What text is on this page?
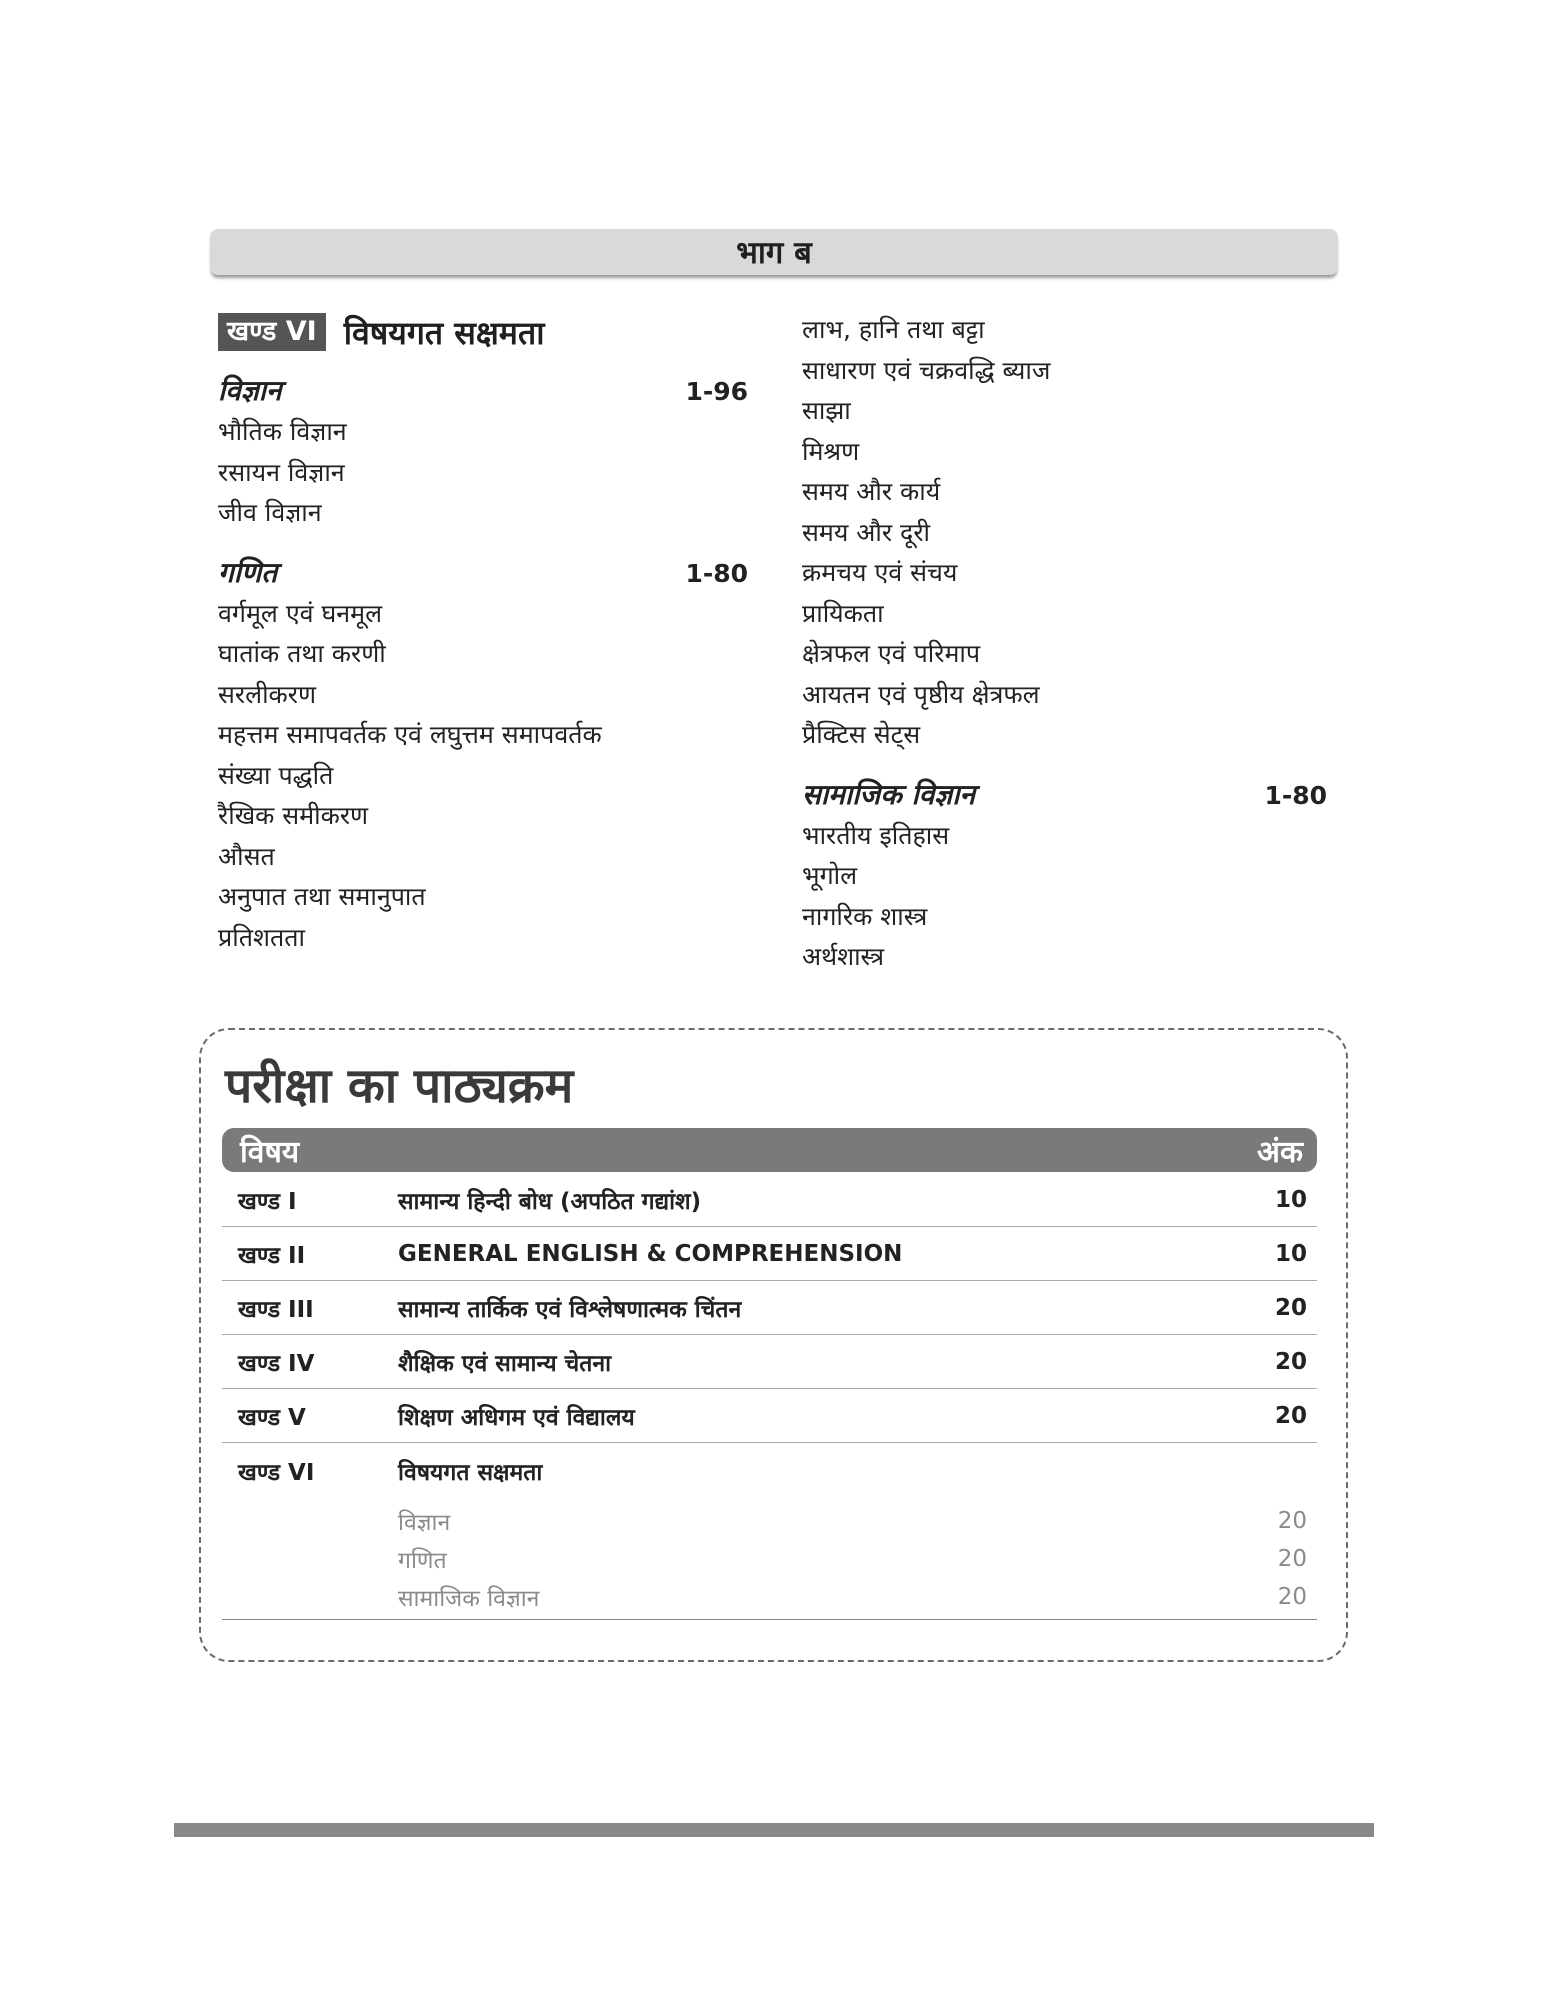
भाग ब
खण्ड VI विषयगत सक्षमता
विज्ञान	1-96
भौतिक विज्ञान
रसायन विज्ञान
जीव विज्ञान
गणित	1-80
वर्गमूल एवं घनमूल
घातांक तथा करणी
सरलीकरण
महत्तम समापवर्तक एवं लघुत्तम समापवर्तक
संख्या पद्धति
रैखिक समीकरण
औसत
अनुपात तथा समानुपात
प्रतिशतता
लाभ, हानि तथा बट्टा
साधारण एवं चक्रवद्धि ब्याज
साझा
मिश्रण
समय और कार्य
समय और दूरी
क्रमचय एवं संचय
प्रायिकता
क्षेत्रफल एवं परिमाप
आयतन एवं पृष्ठीय क्षेत्रफल
प्रैक्टिस सेट्स
सामाजिक विज्ञान	1-80
भारतीय इतिहास
भूगोल
नागरिक शास्त्र
अर्थशास्त्र
परीक्षा का पाठ्यक्रम
विषय	अंक
खण्ड I	सामान्य हिन्दी बोध (अपठित गद्यांश)	10
खण्ड II	GENERAL ENGLISH & COMPREHENSION	10
खण्ड III	सामान्य तार्किक एवं विश्लेषणात्मक चिंतन	20
खण्ड IV	शैक्षिक एवं सामान्य चेतना	20
खण्ड V	शिक्षण अधिगम एवं विद्यालय	20
खण्ड VI	विषयगत सक्षमता
विज्ञान	20
गणित	20
सामाजिक विज्ञान	20
